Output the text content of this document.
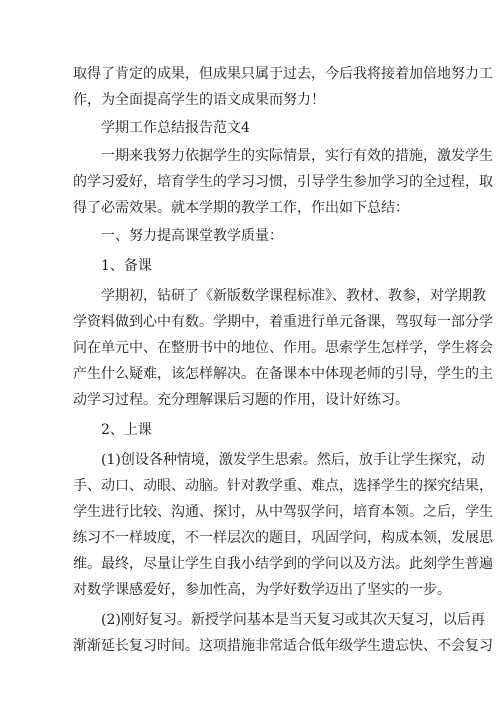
取得了肯定的成果，但成果只属于过去，今后我将接着加倍地努力工
作，为全面提高学生的语文成果而努力！
学期工作总结报告范文4
一期来我努力依据学生的实际情景，实行有效的措施，激发学生
的学习爱好，培育学生的学习习惯，引导学生参加学习的全过程，取
得了必需效果。就本学期的教学工作，作出如下总结：
一、努力提高课堂教学质量：
1、备课
学期初，钻研了《新版数学课程标准》、教材、教参，对学期教
学资料做到心中有数。学期中，着重进行单元备课，驾驭每一部分学
问在单元中、在整册书中的地位、作用。思索学生怎样学，学生将会
产生什么疑难，该怎样解决。在备课本中体现老师的引导，学生的主
动学习过程。充分理解课后习题的作用，设计好练习。
2、上课
(1)创设各种情境，激发学生思索。然后，放手让学生探究，动
手、动口、动眼、动脑。针对教学重、难点，选择学生的探究结果，
学生进行比较、沟通、探讨，从中驾驭学问，培育本领。之后，学生
练习不一样坡度，不一样层次的题目，巩固学问，构成本领，发展思
维。最终，尽量让学生自我小结学到的学问以及方法。此刻学生普遍
对数学课感爱好，参加性高，为学好数学迈出了坚实的一步。
(2)刚好复习。新授学问基本是当天复习或其次天复习，以后再
渐渐延长复习时间。这项措施非常适合低年级学生遗忘快、不会复习
